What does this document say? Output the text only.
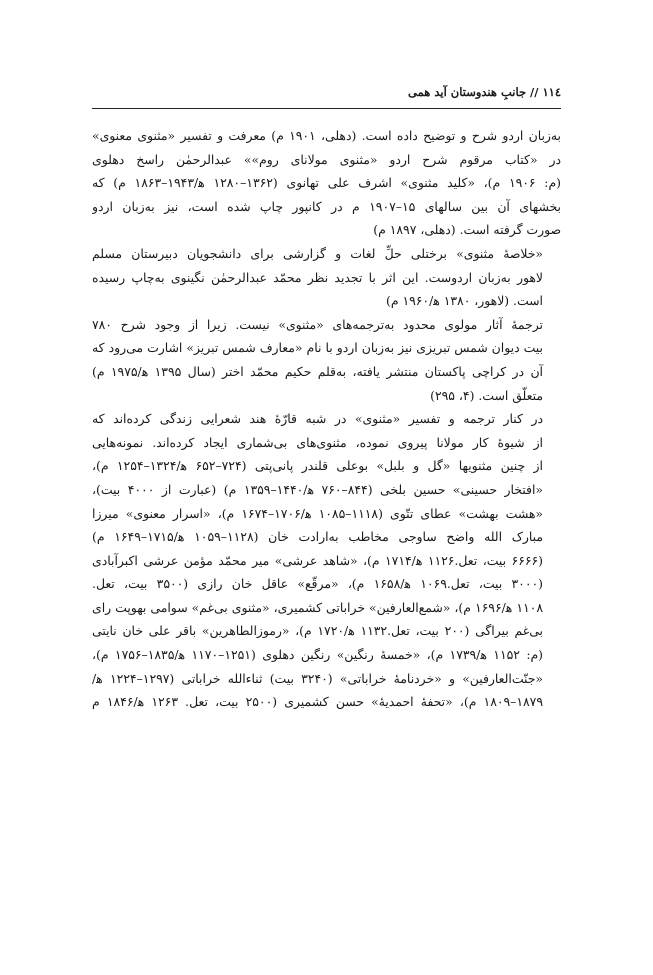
۱۱٤ // جانبِ هندوستان آید همی

به‌زبان اردو شرح و توضیح داده است. (دهلی، ۱۹۰۱ م) معرفت و تفسیر «مثنوی معنوی»
در «کتاب مرقوم شرح اردو «مثنوی مولانای روم»» عبدالرحمٰن راسخ دهلوی
(م: ۱۹۰۶ م)، «کلید مثنوی» اشرف علی تهانوی (۱۳۶۲–۱۲۸۰ ه‍/۱۹۴۳–۱۸۶۳ م) که
بخشهای آن بین سالهای ۱۵–۱۹۰۷ م در کانپور چاپ شده است، نیز به‌زبان اردو
صورت گرفته است. (دهلی، ۱۸۹۷ م)

«خلاصهٔ مثنوی» برختلی حلِّ لغات و گزارشی برای دانشجویان دبیرستان مسلم
لاهور به‌زبان اردوست. این اثر با تجدید نظر محمّد عبدالرحمٰن نگینوی به‌چاپ رسیده
است. (لاهور، ۱۳۸۰ ه‍/۱۹۶۰ م)

ترجمهٔ آثار مولوی محدود به‌ترجمه‌های «مثنوی» نیست. زیرا از وجود شرح ۷۸۰
بیت دیوان شمس تبریزی نیز به‌زبان اردو با نام «معارف شمس تبریز» اشارت می‌رود که
آن در کراچی پاکستان منتشر یافته، به‌قلم حکیم محمّد اختر (سال ۱۳۹۵ ه‍/۱۹۷۵ م)
متعلّق است. (۴، ۲۹۵)

در کنار ترجمه و تفسیر «مثنوی» در شبه قارّهٔ هند شعرایی زندگی کرده‌اند که
از شیوهٔ کار مولانا پیروی نموده، مثنوی‌های بی‌شماری ایجاد کرده‌اند. نمونه‌هایی
از چنین مثنویها «گل و بلبل» بوعلی قلندر پانی‌پتی (۷۲۴–۶۵۲ ه‍/۱۳۲۴–۱۲۵۴ م)،
«افتخار حسینی» حسین بلخی (۸۴۴–۷۶۰ ه‍/۱۴۴۰–۱۳۵۹ م) (عبارت از ۴۰۰۰ بیت)،
«هشت بهشت» عطای تتّوی (۱۱۱۸–۱۰۸۵ ه‍/۱۷۰۶–۱۶۷۴ م)، «اسرار معنوی» میرزا
مبارک الله واضح ساوجی مخاطب به‌ارادت خان (۱۱۲۸–۱۰۵۹ ه‍/۱۷۱۵–۱۶۴۹ م)
(۶۶۶۶ بیت، تعل.۱۱۲۶ ه‍/۱۷۱۴ م)، «شاهد عرشی» میر محمّد مؤمن عرشی اکبرآبادی
(۳۰۰۰ بیت، تعل.۱۰۶۹ ه‍/۱۶۵۸ م)، «مرقّع» عاقل خان رازی (۳۵۰۰ بیت، تعل.
۱۱۰۸ ه‍/۱۶۹۶ م)، «شمع‌العارفین» خراباتی کشمیری، «مثنوی بی‌غم» سوامی بهوپت رای
بی‌غم بیراگی (۲۰۰ بیت، تعل.۱۱۳۲ ه‍/۱۷۲۰ م)، «رموزالطاهرین» باقر علی خان نایتی
(م: ۱۱۵۲ ه‍/۱۷۳۹ م)، «خمسهٔ رنگین» رنگین دهلوی (۱۲۵۱–۱۱۷۰ ه‍/۱۸۳۵–۱۷۵۶ م)،
«جنّت‌العارفین» و «خردنامهٔ خراباتی» (۳۲۴۰ بیت) ثناءالله خراباتی (۱۲۹۷–۱۲۲۴ ه‍/
۱۸۷۹–۱۸۰۹ م)، «تحفهٔ احمدیهٔ» حسن کشمیری (۲۵۰۰ بیت، تعل. ۱۲۶۳ ه‍/۱۸۴۶ م
